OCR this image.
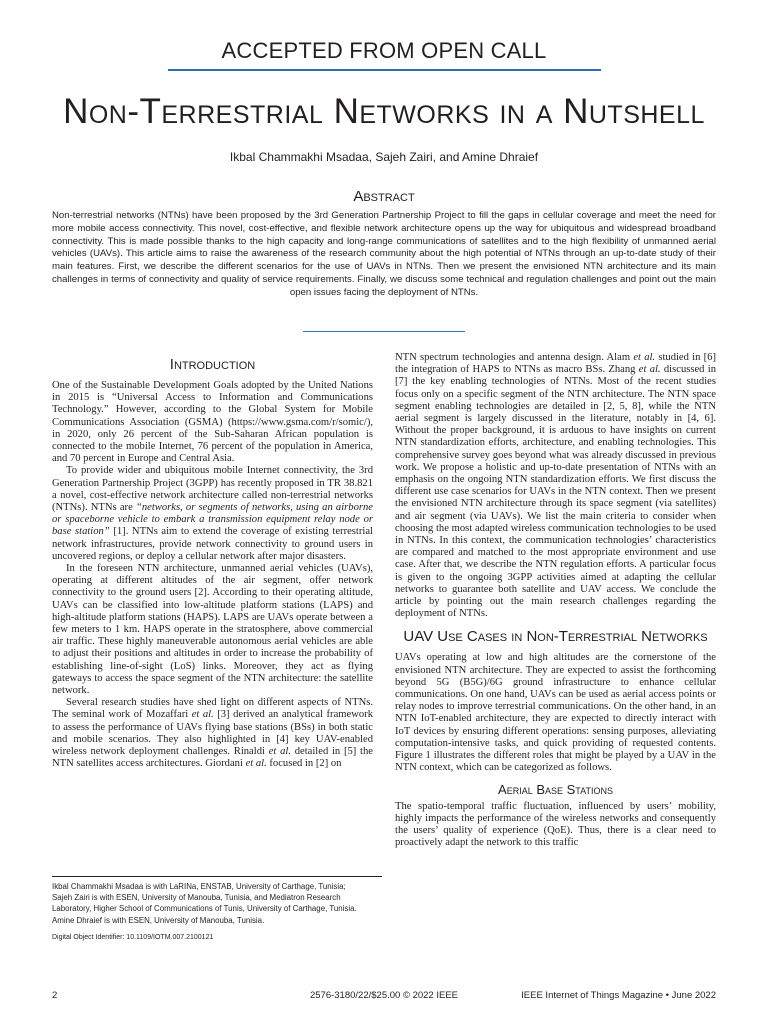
ACCEPTED FROM OPEN CALL
Non-Terrestrial Networks in a Nutshell
Ikbal Chammakhi Msadaa, Sajeh Zairi, and Amine Dhraief
Abstract
Non-terrestrial networks (NTNs) have been proposed by the 3rd Generation Partnership Project to fill the gaps in cellular coverage and meet the need for more mobile access connectivity. This novel, cost-effective, and flexible network architecture opens up the way for ubiquitous and widespread broadband connectivity. This is made possible thanks to the high capacity and long-range communications of satellites and to the high flexibility of unmanned aerial vehicles (UAVs). This article aims to raise the awareness of the research community about the high potential of NTNs through an up-to-date study of their main features. First, we describe the different scenarios for the use of UAVs in NTNs. Then we present the envisioned NTN architecture and its main challenges in terms of connectivity and quality of service requirements. Finally, we discuss some technical and regulation challenges and point out the main open issues facing the deployment of NTNs.
Introduction

One of the Sustainable Development Goals adopted by the United Nations in 2015 is “Universal Access to Information and Communications Technology.” However, according to the Global System for Mobile Communications Association (GSMA) (https://www.gsma.com/r/somic/), in 2020, only 26 percent of the Sub-Saharan African population is connected to the mobile Internet, 76 percent of the population in America, and 70 percent in Europe and Central Asia.

To provide wider and ubiquitous mobile Internet connectivity, the 3rd Generation Partnership Project (3GPP) has recently proposed in TR 38.821 a novel, cost-effective network architecture called non-terrestrial networks (NTNs). NTNs are “networks, or segments of networks, using an airborne or spaceborne vehicle to embark a transmission equipment relay node or base station” [1]. NTNs aim to extend the coverage of existing terrestrial network infrastructures, provide network connectivity to ground users in uncovered regions, or deploy a cellular network after major disasters.

In the foreseen NTN architecture, unmanned aerial vehicles (UAVs), operating at different altitudes of the air segment, offer network connectivity to the ground users [2]. According to their operating altitude, UAVs can be classified into low-altitude platform stations (LAPS) and high-altitude platform stations (HAPS). LAPS are UAVs operate between a few meters to 1 km. HAPS operate in the stratosphere, above commercial air traffic. These highly maneuverable autonomous aerial vehicles are able to adjust their positions and altitudes in order to increase the probability of establishing line-of-sight (LoS) links. Moreover, they act as flying gateways to access the space segment of the NTN architecture: the satellite network.

Several research studies have shed light on different aspects of NTNs. The seminal work of Mozaffari et al. [3] derived an analytical framework to assess the performance of UAVs flying base stations (BSs) in both static and mobile scenarios. They also highlighted in [4] key UAV-enabled wireless network deployment challenges. Rinaldi et al. detailed in [5] the NTN satellites access architectures. Giordani et al. focused in [2] on

NTN spectrum technologies and antenna design. Alam et al. studied in [6] the integration of HAPS to NTNs as macro BSs. Zhang et al. discussed in [7] the key enabling technologies of NTNs. Most of the recent studies focus only on a specific segment of the NTN architecture. The NTN space segment enabling technologies are detailed in [2, 5, 8], while the NTN aerial segment is largely discussed in the literature, notably in [4, 6]. Without the proper background, it is arduous to have insights on current NTN standardization efforts, architecture, and enabling technologies. This comprehensive survey goes beyond what was already discussed in previous work. We propose a holistic and up-to-date presentation of NTNs with an emphasis on the ongoing NTN standardization efforts. We first discuss the different use case scenarios for UAVs in the NTN context. Then we present the envisioned NTN architecture through its space segment (via satellites) and air segment (via UAVs). We list the main criteria to consider when choosing the most adapted wireless communication technologies to be used in NTNs. In this context, the communication technologies’ characteristics are compared and matched to the most appropriate environment and use case. After that, we describe the NTN regulation efforts. A particular focus is given to the ongoing 3GPP activities aimed at adapting the cellular networks to guarantee both satellite and UAV access. We conclude the article by pointing out the main research challenges regarding the deployment of NTNs.

UAV Use Cases in Non-Terrestrial Networks

UAVs operating at low and high altitudes are the cornerstone of the envisioned NTN architecture. They are expected to assist the forthcoming beyond 5G (B5G)/6G ground infrastructure to enhance cellular communications. On one hand, UAVs can be used as aerial access points or relay nodes to improve terrestrial communications. On the other hand, in an NTN IoT-enabled architecture, they are expected to directly interact with IoT devices by ensuring different operations: sensing purposes, alleviating computation-intensive tasks, and quick providing of requested contents. Figure 1 illustrates the different roles that might be played by a UAV in the NTN context, which can be categorized as follows.

Aerial Base Stations

The spatio-temporal traffic fluctuation, influenced by users’ mobility, highly impacts the performance of the wireless networks and consequently the users’ quality of experience (QoE). Thus, there is a clear need to proactively adapt the network to this traffic

Ikbal Chammakhi Msadaa is with LaRINa, ENSTAB, University of Carthage, Tunisia;
Sajeh Zairi is with ESEN, University of Manouba, Tunisia, and Mediatron Research Laboratory, Higher School of Communications of Tunis, University of Carthage, Tunisia.
Amine Dhraief is with ESEN, University of Manouba, Tunisia.
Digital Object Identifier: 10.1109/IOTM.007.2100121
2	2576-3180/22/$25.00 © 2022 IEEE	IEEE Internet of Things Magazine • June 2022
